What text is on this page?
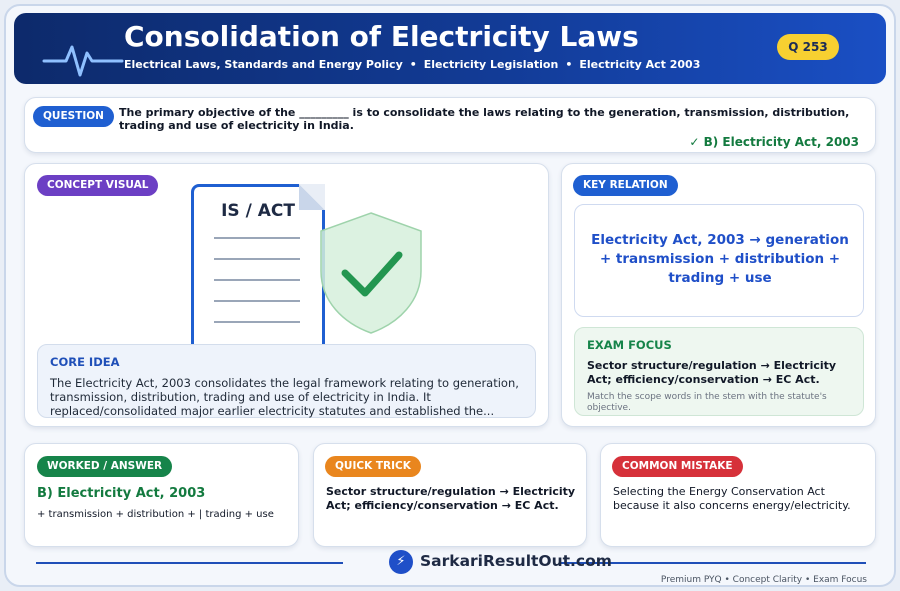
Consolidation of Electricity Laws
Electrical Laws, Standards and Energy Policy • Electricity Legislation • Electricity Act 2003
Q 253
QUESTION	The primary objective of the _________ is to consolidate the laws relating to the generation, transmission, distribution, trading and use of electricity in India.
✓ B) Electricity Act, 2003
CONCEPT VISUAL
IS / ACT
CORE IDEA
The Electricity Act, 2003 consolidates the legal framework relating to generation, transmission, distribution, trading and use of electricity in India. It replaced/consolidated major earlier electricity statutes and established the...
KEY RELATION
Electricity Act, 2003 → generation + transmission + distribution + trading + use
EXAM FOCUS
Sector structure/regulation → Electricity Act; efficiency/conservation → EC Act.
Match the scope words in the stem with the statute's objective.
WORKED / ANSWER
B) Electricity Act, 2003
+ transmission + distribution + | trading + use
QUICK TRICK
Sector structure/regulation → Electricity Act; efficiency/conservation → EC Act.
COMMON MISTAKE
Selecting the Energy Conservation Act because it also concerns energy/electricity.
⚡ SarkariResultOut.com
Premium PYQ • Concept Clarity • Exam Focus
